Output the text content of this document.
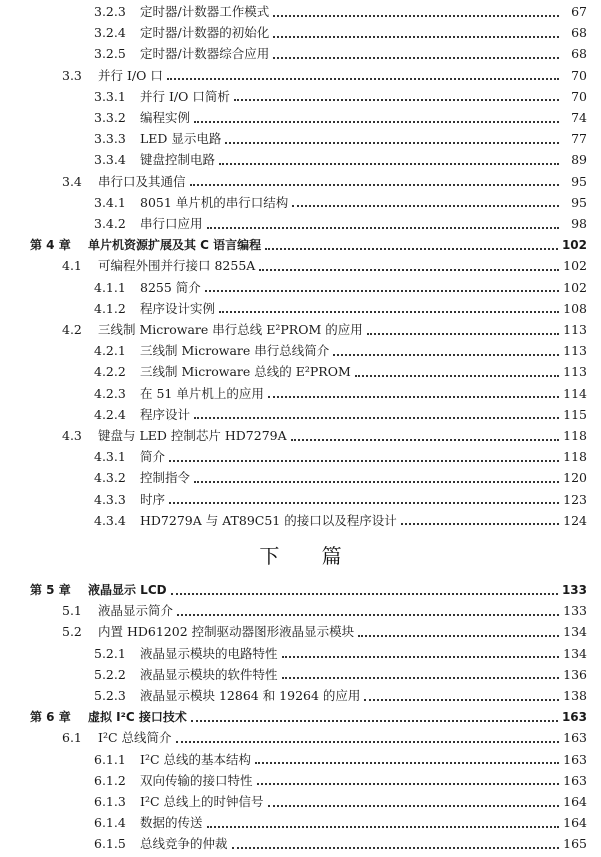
下 篇
3.2.3	定时器/计数器工作模式	67
3.2.4	定时器/计数器的初始化	68
3.2.5	定时器/计数器综合应用	68
3.3	并行 I/O 口	70
3.3.1	并行 I/O 口简析	70
3.3.2	编程实例	74
3.3.3	LED 显示电路	77
3.3.4	键盘控制电路	89
3.4	串行口及其通信	95
3.4.1	8051 单片机的串行口结构	95
3.4.2	串行口应用	98
第 4 章	单片机资源扩展及其 C 语言编程	102
4.1	可编程外围并行接口 8255A	102
4.1.1	8255 简介	102
4.1.2	程序设计实例	108
4.2	三线制 Microware 串行总线 E²PROM 的应用	113
4.2.1	三线制 Microware 串行总线简介	113
4.2.2	三线制 Microware 总线的 E²PROM	113
4.2.3	在 51 单片机上的应用	114
4.2.4	程序设计	115
4.3	键盘与 LED 控制芯片 HD7279A	118
4.3.1	简介	118
4.3.2	控制指令	120
4.3.3	时序	123
4.3.4	HD7279A 与 AT89C51 的接口以及程序设计	124
第 5 章	液晶显示 LCD	133
5.1	液晶显示简介	133
5.2	内置 HD61202 控制驱动器图形液晶显示模块	134
5.2.1	液晶显示模块的电路特性	134
5.2.2	液晶显示模块的软件特性	136
5.2.3	液晶显示模块 12864 和 19264 的应用	138
第 6 章	虚拟 I²C 接口技术	163
6.1	I²C 总线简介	163
6.1.1	I²C 总线的基本结构	163
6.1.2	双向传输的接口特性	163
6.1.3	I²C 总线上的时钟信号	164
6.1.4	数据的传送	164
6.1.5	总线竞争的仲裁	165
